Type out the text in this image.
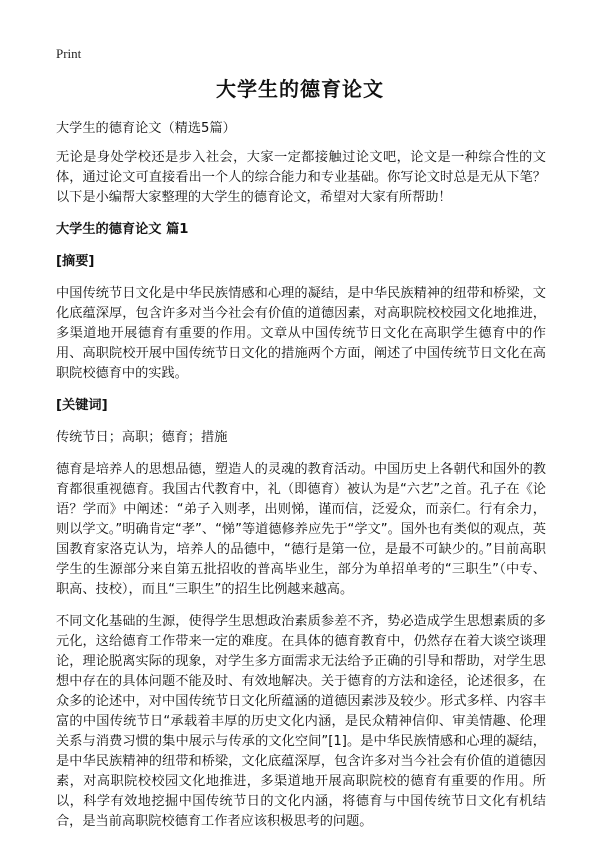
Print
大学生的德育论文
大学生的德育论文（精选5篇）
无论是身处学校还是步入社会，大家一定都接触过论文吧，论文是一种综合性的文体，通过论文可直接看出一个人的综合能力和专业基础。你写论文时总是无从下笔？以下是小编帮大家整理的大学生的德育论文，希望对大家有所帮助！
大学生的德育论文 篇1
[摘要]
中国传统节日文化是中华民族情感和心理的凝结，是中华民族精神的纽带和桥梁，文化底蕴深厚，包含许多对当今社会有价值的道德因素，对高职院校校园文化地推进，多渠道地开展德育有重要的作用。文章从中国传统节日文化在高职学生德育中的作用、高职院校开展中国传统节日文化的措施两个方面，阐述了中国传统节日文化在高职院校德育中的实践。
[关键词]
传统节日；高职；德育；措施
德育是培养人的思想品德，塑造人的灵魂的教育活动。中国历史上各朝代和国外的教育都很重视德育。我国古代教育中，礼（即德育）被认为是“六艺”之首。孔子在《论语？学而》中阐述：“弟子入则孝，出则悌，谨而信，泛爱众，而亲仁。行有余力，则以学文。”明确肯定“孝”、“悌”等道德修养应先于“学文”。国外也有类似的观点，英国教育家洛克认为，培养人的品德中，“德行是第一位，是最不可缺少的。”目前高职学生的生源部分来自第五批招收的普高毕业生，部分为单招单考的“三职生”（中专、职高、技校），而且“三职生”的招生比例越来越高。
不同文化基础的生源，使得学生思想政治素质参差不齐，势必造成学生思想素质的多元化，这给德育工作带来一定的难度。在具体的德育教育中，仍然存在着大谈空谈理论，理论脱离实际的现象，对学生多方面需求无法给予正确的引导和帮助，对学生思想中存在的具体问题不能及时、有效地解决。关于德育的方法和途径，论述很多，在众多的论述中，对中国传统节日文化所蕴涵的道德因素涉及较少。形式多样、内容丰富的中国传统节日“承载着丰厚的历史文化内涵，是民众精神信仰、审美情趣、伦理关系与消费习惯的集中展示与传承的文化空间”[1]。是中华民族情感和心理的凝结，是中华民族精神的纽带和桥梁，文化底蕴深厚，包含许多对当今社会有价值的道德因素，对高职院校校园文化地推进，多渠道地开展高职院校的德育有重要的作用。所以，科学有效地挖掘中国传统节日的文化内涵，将德育与中国传统节日文化有机结合，是当前高职院校德育工作者应该积极思考的问题。
